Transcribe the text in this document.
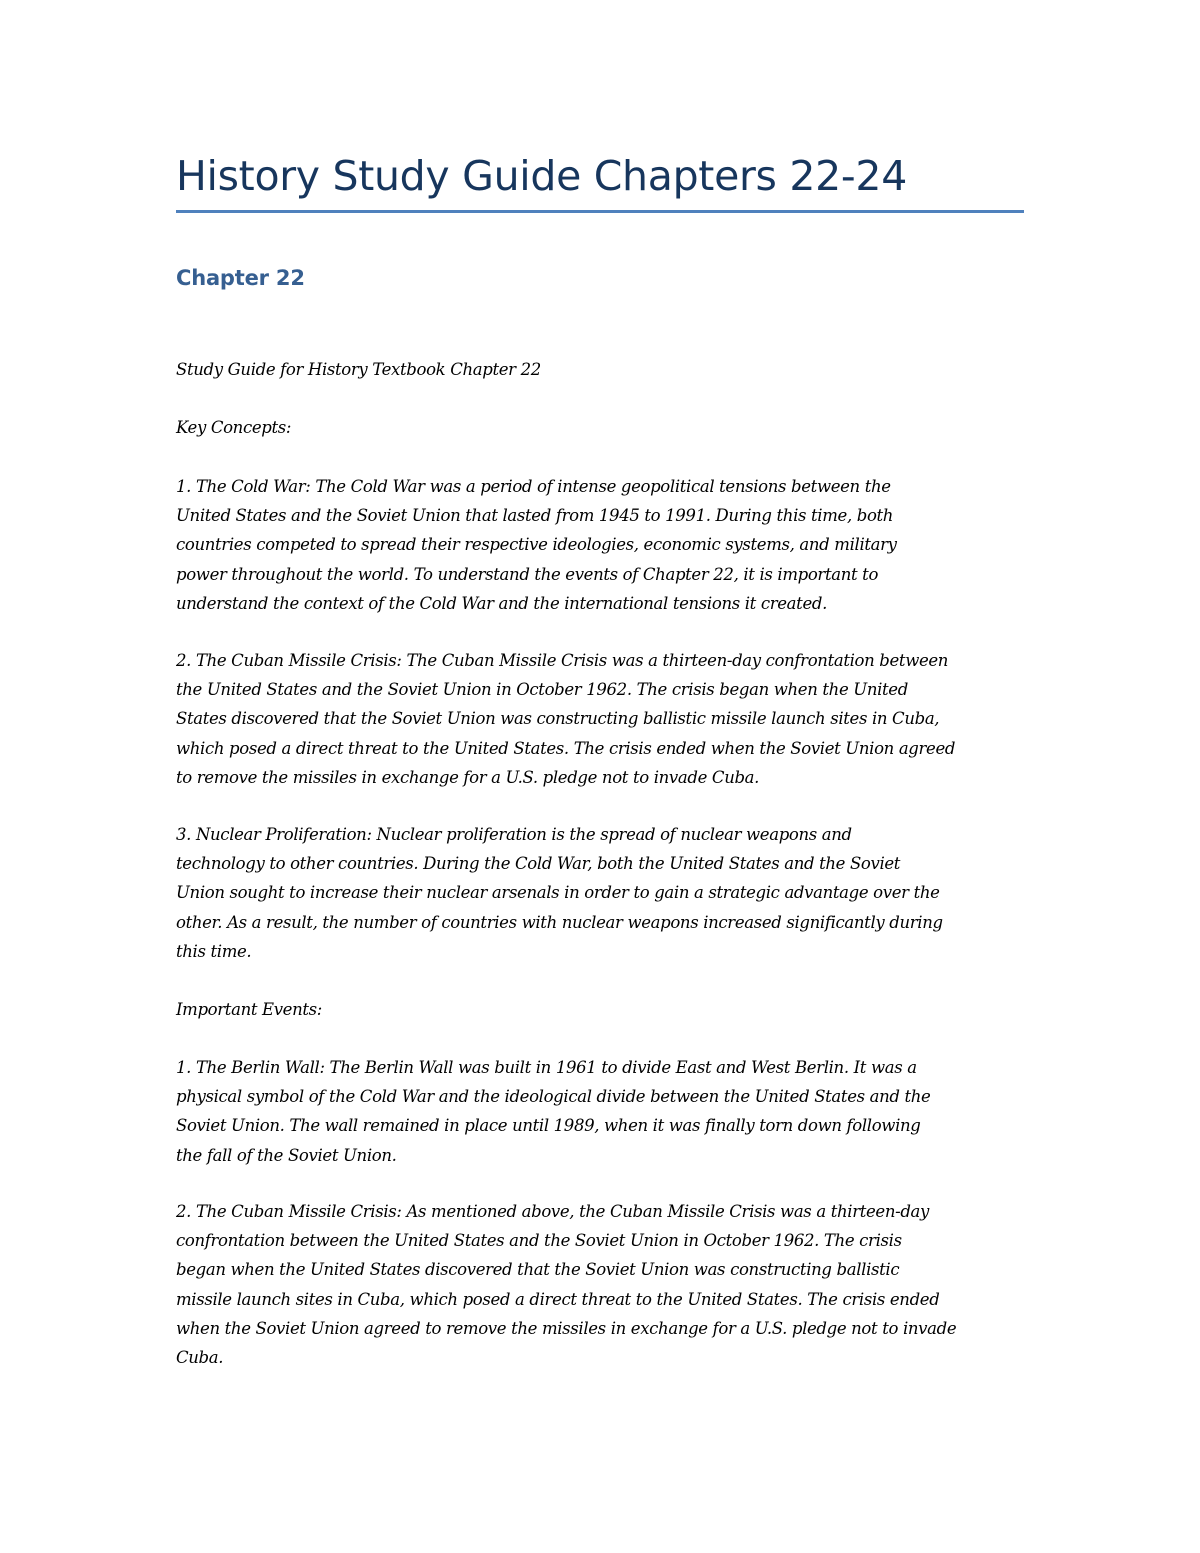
History Study Guide Chapters 22-24
Chapter 22

Study Guide for History Textbook Chapter 22

Key Concepts:

1. The Cold War: The Cold War was a period of intense geopolitical tensions between the
United States and the Soviet Union that lasted from 1945 to 1991. During this time, both
countries competed to spread their respective ideologies, economic systems, and military
power throughout the world. To understand the events of Chapter 22, it is important to
understand the context of the Cold War and the international tensions it created.

2. The Cuban Missile Crisis: The Cuban Missile Crisis was a thirteen-day confrontation between
the United States and the Soviet Union in October 1962. The crisis began when the United
States discovered that the Soviet Union was constructing ballistic missile launch sites in Cuba,
which posed a direct threat to the United States. The crisis ended when the Soviet Union agreed
to remove the missiles in exchange for a U.S. pledge not to invade Cuba.

3. Nuclear Proliferation: Nuclear proliferation is the spread of nuclear weapons and
technology to other countries. During the Cold War, both the United States and the Soviet
Union sought to increase their nuclear arsenals in order to gain a strategic advantage over the
other. As a result, the number of countries with nuclear weapons increased significantly during
this time.

Important Events:

1. The Berlin Wall: The Berlin Wall was built in 1961 to divide East and West Berlin. It was a
physical symbol of the Cold War and the ideological divide between the United States and the
Soviet Union. The wall remained in place until 1989, when it was finally torn down following
the fall of the Soviet Union.

2. The Cuban Missile Crisis: As mentioned above, the Cuban Missile Crisis was a thirteen-day
confrontation between the United States and the Soviet Union in October 1962. The crisis
began when the United States discovered that the Soviet Union was constructing ballistic
missile launch sites in Cuba, which posed a direct threat to the United States. The crisis ended
when the Soviet Union agreed to remove the missiles in exchange for a U.S. pledge not to invade
Cuba.
